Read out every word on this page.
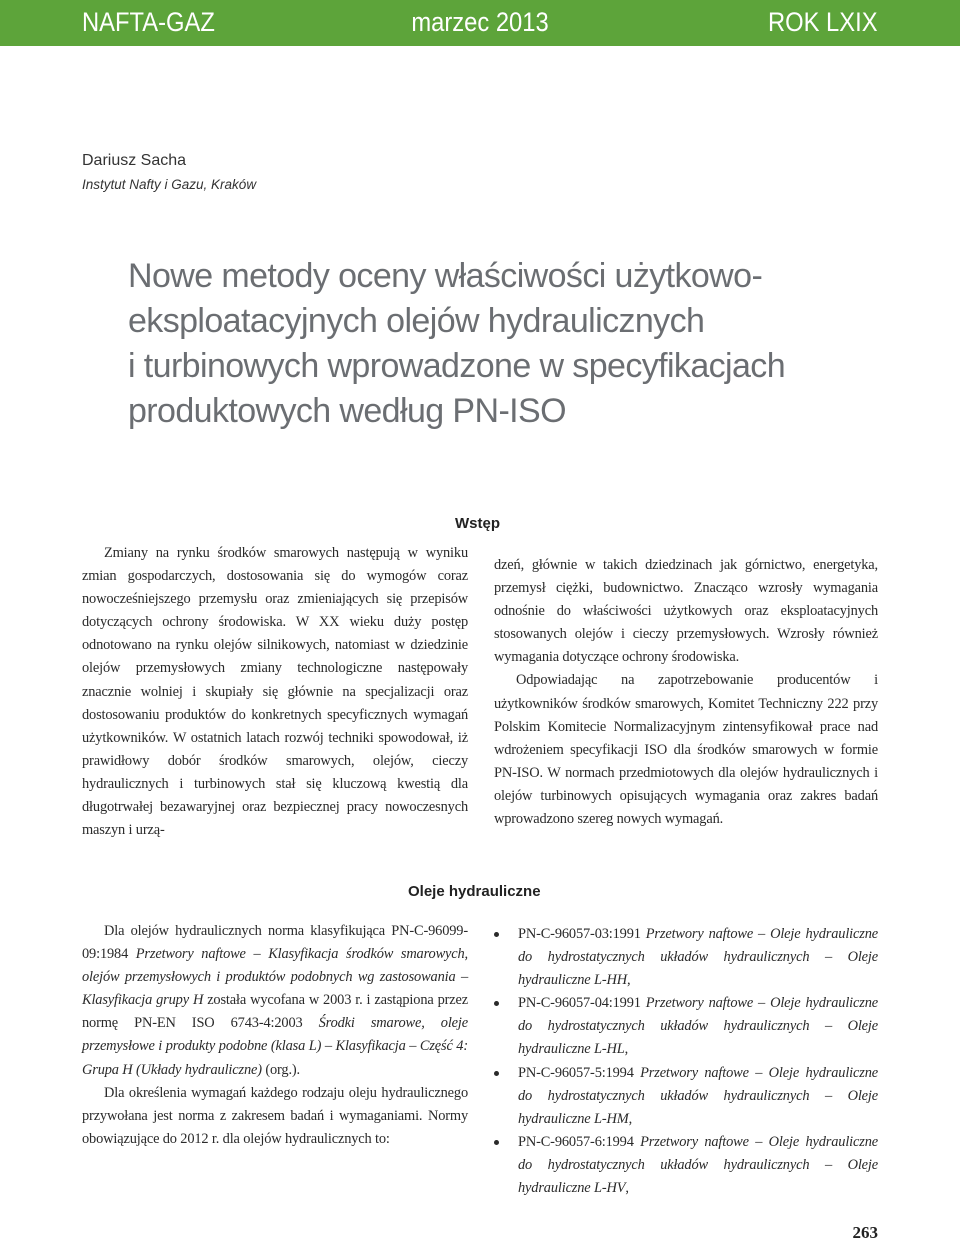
NAFTA-GAZ	marzec 2013	ROK LXIX
Dariusz Sacha
Instytut Nafty i Gazu, Kraków
Nowe metody oceny właściwości użytkowo-
eksploatacyjnych olejów hydraulicznych
i turbinowych wprowadzone w specyfikacjach
produktowych według PN-ISO
Wstęp

Zmiany na rynku środków smarowych następują w wyniku zmian gospodarczych, dostosowania się do wymogów coraz nowocześniejszego przemysłu oraz zmieniających się przepisów dotyczących ochrony środowiska. W XX wieku duży postęp odnotowano na rynku olejów silnikowych, natomiast w dziedzinie olejów przemysłowych zmiany technologiczne następowały znacznie wolniej i skupiały się głównie na specjalizacji oraz dostosowaniu produktów do konkretnych specyficznych wymagań użytkowników. W ostatnich latach rozwój techniki spowodował, iż prawidłowy dobór środków smarowych, olejów, cieczy hydraulicznych i turbinowych stał się kluczową kwestią dla długotrwałej bezawaryjnej oraz bezpiecznej pracy nowoczesnych maszyn i urzą-

dzeń, głównie w takich dziedzinach jak górnictwo, energetyka, przemysł ciężki, budownictwo. Znacząco wzrosły wymagania odnośnie do właściwości użytkowych oraz eksploatacyjnych stosowanych olejów i cieczy przemysłowych. Wzrosły również wymagania dotyczące ochrony środowiska.

Odpowiadając na zapotrzebowanie producentów i użytkowników środków smarowych, Komitet Techniczny 222 przy Polskim Komitecie Normalizacyjnym zintensyfikował prace nad wdrożeniem specyfikacji ISO dla środków smarowych w formie PN-ISO. W normach przedmiotowych dla olejów hydraulicznych i olejów turbinowych opisujących wymagania oraz zakres badań wprowadzono szereg nowych wymagań.

Oleje hydrauliczne

Dla olejów hydraulicznych norma klasyfikująca PN-C-96099-09:1984 Przetwory naftowe – Klasyfikacja środków smarowych, olejów przemysłowych i produktów podobnych wg zastosowania – Klasyfikacja grupy H została wycofana w 2003 r. i zastąpiona przez normę PN-EN ISO 6743-4:2003 Środki smarowe, oleje przemysłowe i produkty podobne (klasa L) – Klasyfikacja – Część 4: Grupa H (Układy hydrauliczne) (org.).

Dla określenia wymagań każdego rodzaju oleju hydraulicznego przywołana jest norma z zakresem badań i wymaganiami. Normy obowiązujące do 2012 r. dla olejów hydraulicznych to:

PN-C-96057-03:1991 Przetwory naftowe – Oleje hydrauliczne do hydrostatycznych układów hydraulicznych – Oleje hydrauliczne L-HH,
PN-C-96057-04:1991 Przetwory naftowe – Oleje hydrauliczne do hydrostatycznych układów hydraulicznych – Oleje hydrauliczne L-HL,
PN-C-96057-5:1994 Przetwory naftowe – Oleje hydrauliczne do hydrostatycznych układów hydraulicznych – Oleje hydrauliczne L-HM,
PN-C-96057-6:1994 Przetwory naftowe – Oleje hydrauliczne do hydrostatycznych układów hydraulicznych – Oleje hydrauliczne L-HV,
263
